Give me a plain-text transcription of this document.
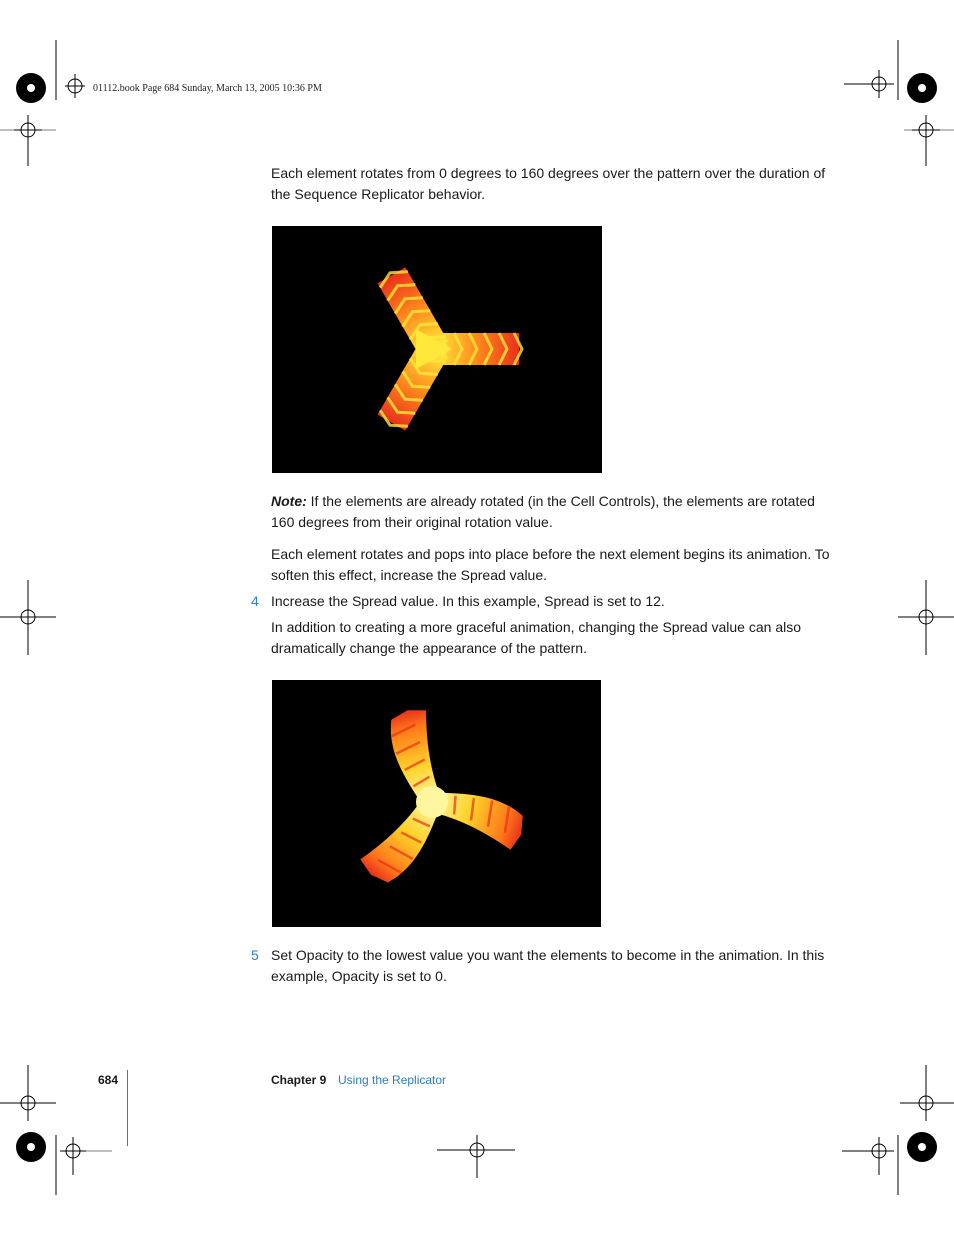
01112.book Page 684 Sunday, March 13, 2005 10:36 PM

Each element rotates from 0 degrees to 160 degrees over the pattern over the duration of the Sequence Replicator behavior.

Note: If the elements are already rotated (in the Cell Controls), the elements are rotated 160 degrees from their original rotation value.

Each element rotates and pops into place before the next element begins its animation. To soften this effect, increase the Spread value.

4 Increase the Spread value. In this example, Spread is set to 12.

In addition to creating a more graceful animation, changing the Spread value can also dramatically change the appearance of the pattern.

5 Set Opacity to the lowest value you want the elements to become in the animation. In this example, Opacity is set to 0.

684	Chapter 9 Using the Replicator
